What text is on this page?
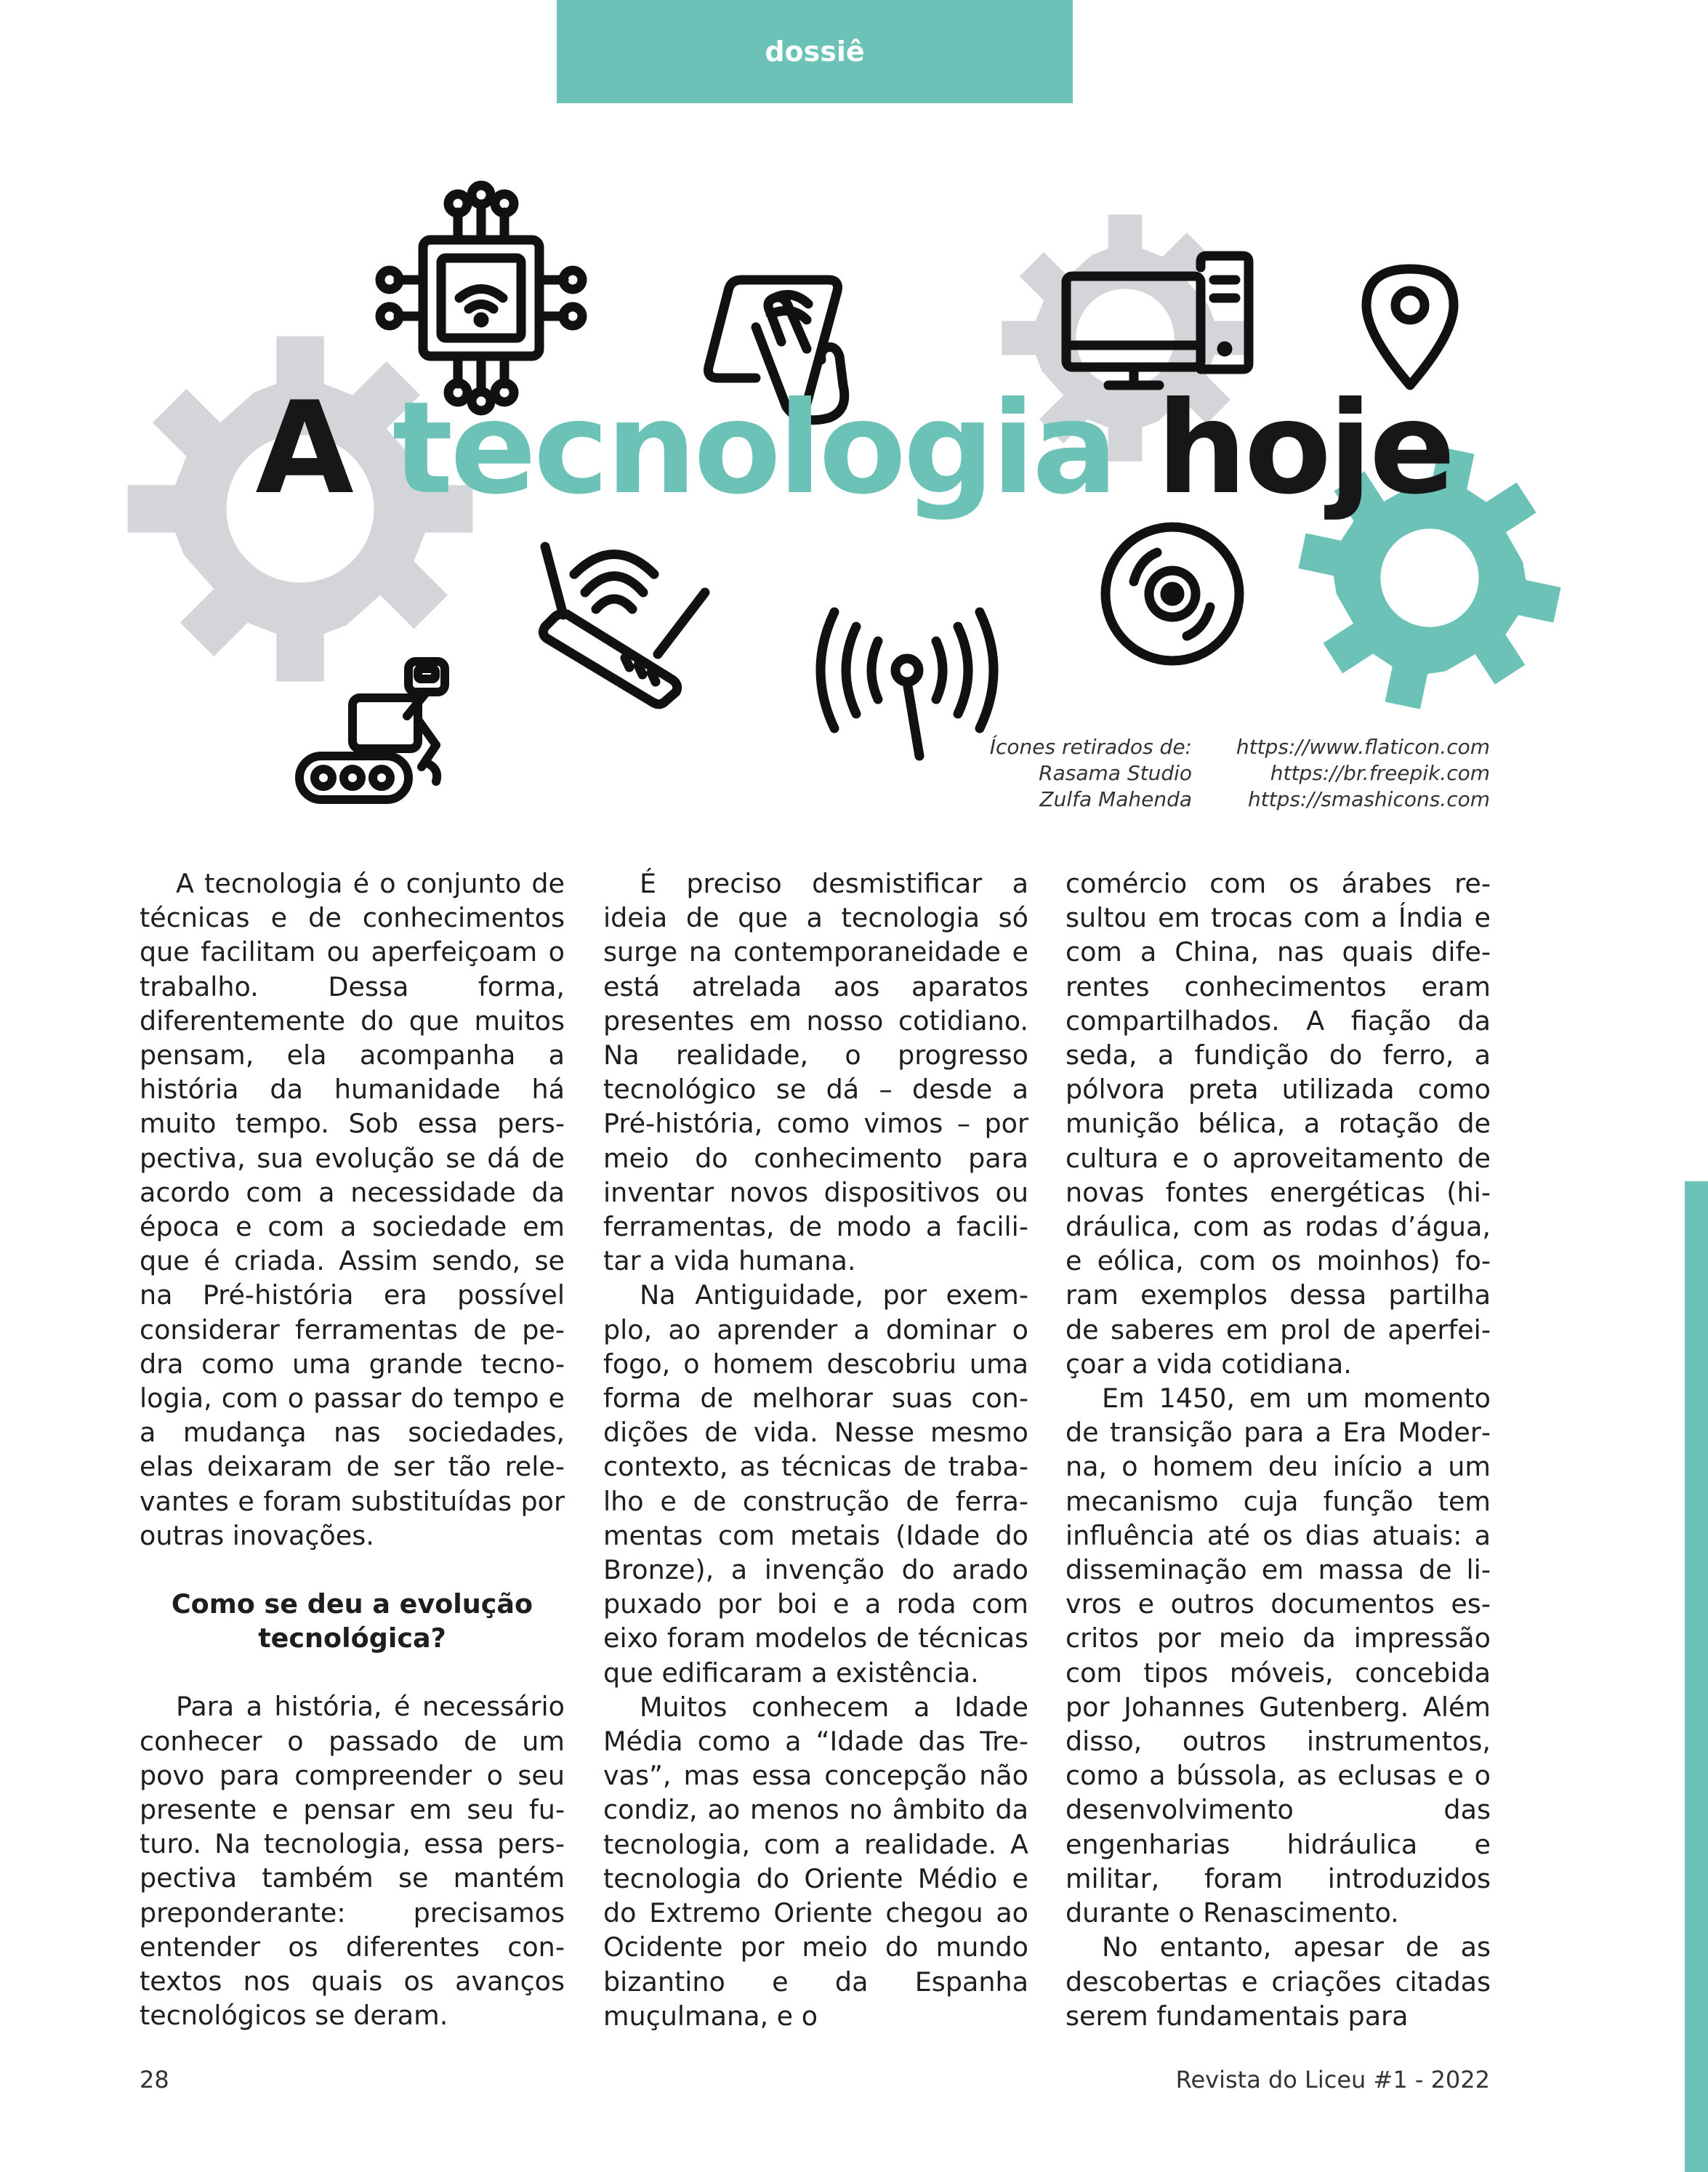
dossiê
A tecnologia hoje
Ícones retirados de:
Rasama Studio
Zulfa Mahenda
https://www.flaticon.com
https://br.freepik.com
https://smashicons.com

A tecnologia é o conjunto de técnicas e de conhecimentos que facilitam ou aperfeiçoam o trabalho. Dessa forma, diferentemente do que muitos pensam, ela acompanha a história da humanidade há muito tempo. Sob essa perspectiva, sua evolução se dá de acordo com a necessidade da época e com a sociedade em que é criada. Assim sendo, se na Pré-história era possível considerar ferramentas de pedra como uma grande tecnologia, com o passar do tempo e a mudança nas sociedades, elas deixaram de ser tão relevantes e foram substituídas por outras inovações.

Como se deu a evolução tecnológica?

Para a história, é necessário conhecer o passado de um povo para compreender o seu presente e pensar em seu futuro. Na tecnologia, essa perspectiva também se mantém preponderante: precisamos entender os diferentes contextos nos quais os avanços tecnológicos se deram.

É preciso desmistificar a ideia de que a tecnologia só surge na contemporaneidade e está atrelada aos aparatos presentes em nosso cotidiano. Na realidade, o progresso tecnológico se dá – desde a Pré-história, como vimos – por meio do conhecimento para inventar novos dispositivos ou ferramentas, de modo a facilitar a vida humana.

Na Antiguidade, por exemplo, ao aprender a dominar o fogo, o homem descobriu uma forma de melhorar suas condições de vida. Nesse mesmo contexto, as técnicas de trabalho e de construção de ferramentas com metais (Idade do Bronze), a invenção do arado puxado por boi e a roda com eixo foram modelos de técnicas que edificaram a existência.

Muitos conhecem a Idade Média como a “Idade das Trevas”, mas essa concepção não condiz, ao menos no âmbito da tecnologia, com a realidade. A tecnologia do Oriente Médio e do Extremo Oriente chegou ao Ocidente por meio do mundo bizantino e da Espanha muçulmana, e o

comércio com os árabes resultou em trocas com a Índia e com a China, nas quais diferentes conhecimentos eram compartilhados. A fiação da seda, a fundição do ferro, a pólvora preta utilizada como munição bélica, a rotação de cultura e o aproveitamento de novas fontes energéticas (hidráulica, com as rodas d’água, e eólica, com os moinhos) foram exemplos dessa partilha de saberes em prol de aperfeiçoar a vida cotidiana.

Em 1450, em um momento de transição para a Era Moderna, o homem deu início a um mecanismo cuja função tem influência até os dias atuais: a disseminação em massa de livros e outros documentos escritos por meio da impressão com tipos móveis, concebida por Johannes Gutenberg. Além disso, outros instrumentos, como a bússola, as eclusas e o desenvolvimento das engenharias hidráulica e militar, foram introduzidos durante o Renascimento.

No entanto, apesar de as descobertas e criações citadas serem fundamentais para

28	Revista do Liceu #1 - 2022
